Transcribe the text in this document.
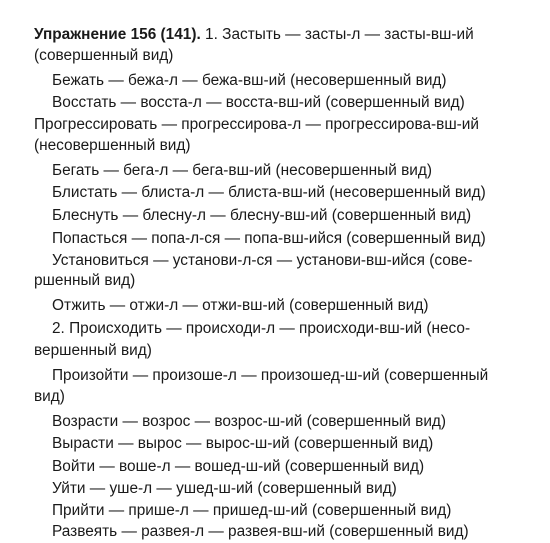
Упражнение 156 (141). 1. Застыть — засты-л — засты-вш-ий
(совершенный вид)
Бежать — бежа-л — бежа-вш-ий (несовершенный вид)
Восстать — восста-л — восста-вш-ий (совершенный вид)
Прогрессировать — прогрессирова-л — прогрессирова-вш-ий
(несовершенный вид)
Бегать — бега-л — бега-вш-ий (несовершенный вид)
Блистать — блиста-л — блиста-вш-ий (несовершенный вид)
Блеснуть — блесну-л — блесну-вш-ий (совершенный вид)
Попасться — попа-л-ся — попа-вш-ийся (совершенный вид)
Установиться — установи-л-ся — установи-вш-ийся (сове-
ршенный вид)
Отжить — отжи-л — отжи-вш-ий (совершенный вид)
2. Происходить — происходи-л — происходи-вш-ий (несо-
вершенный вид)
Произойти — произоше-л — произошед-ш-ий (совершенный
вид)
Возрасти — возрос — возрос-ш-ий (совершенный вид)
Вырасти — вырос — вырос-ш-ий (совершенный вид)
Войти — воше-л — вошед-ш-ий (совершенный вид)
Уйти — уше-л — ушед-ш-ий (совершенный вид)
Прийти — прише-л — пришед-ш-ий (совершенный вид)
Развеять — развея-л — развея-вш-ий (совершенный вид)
